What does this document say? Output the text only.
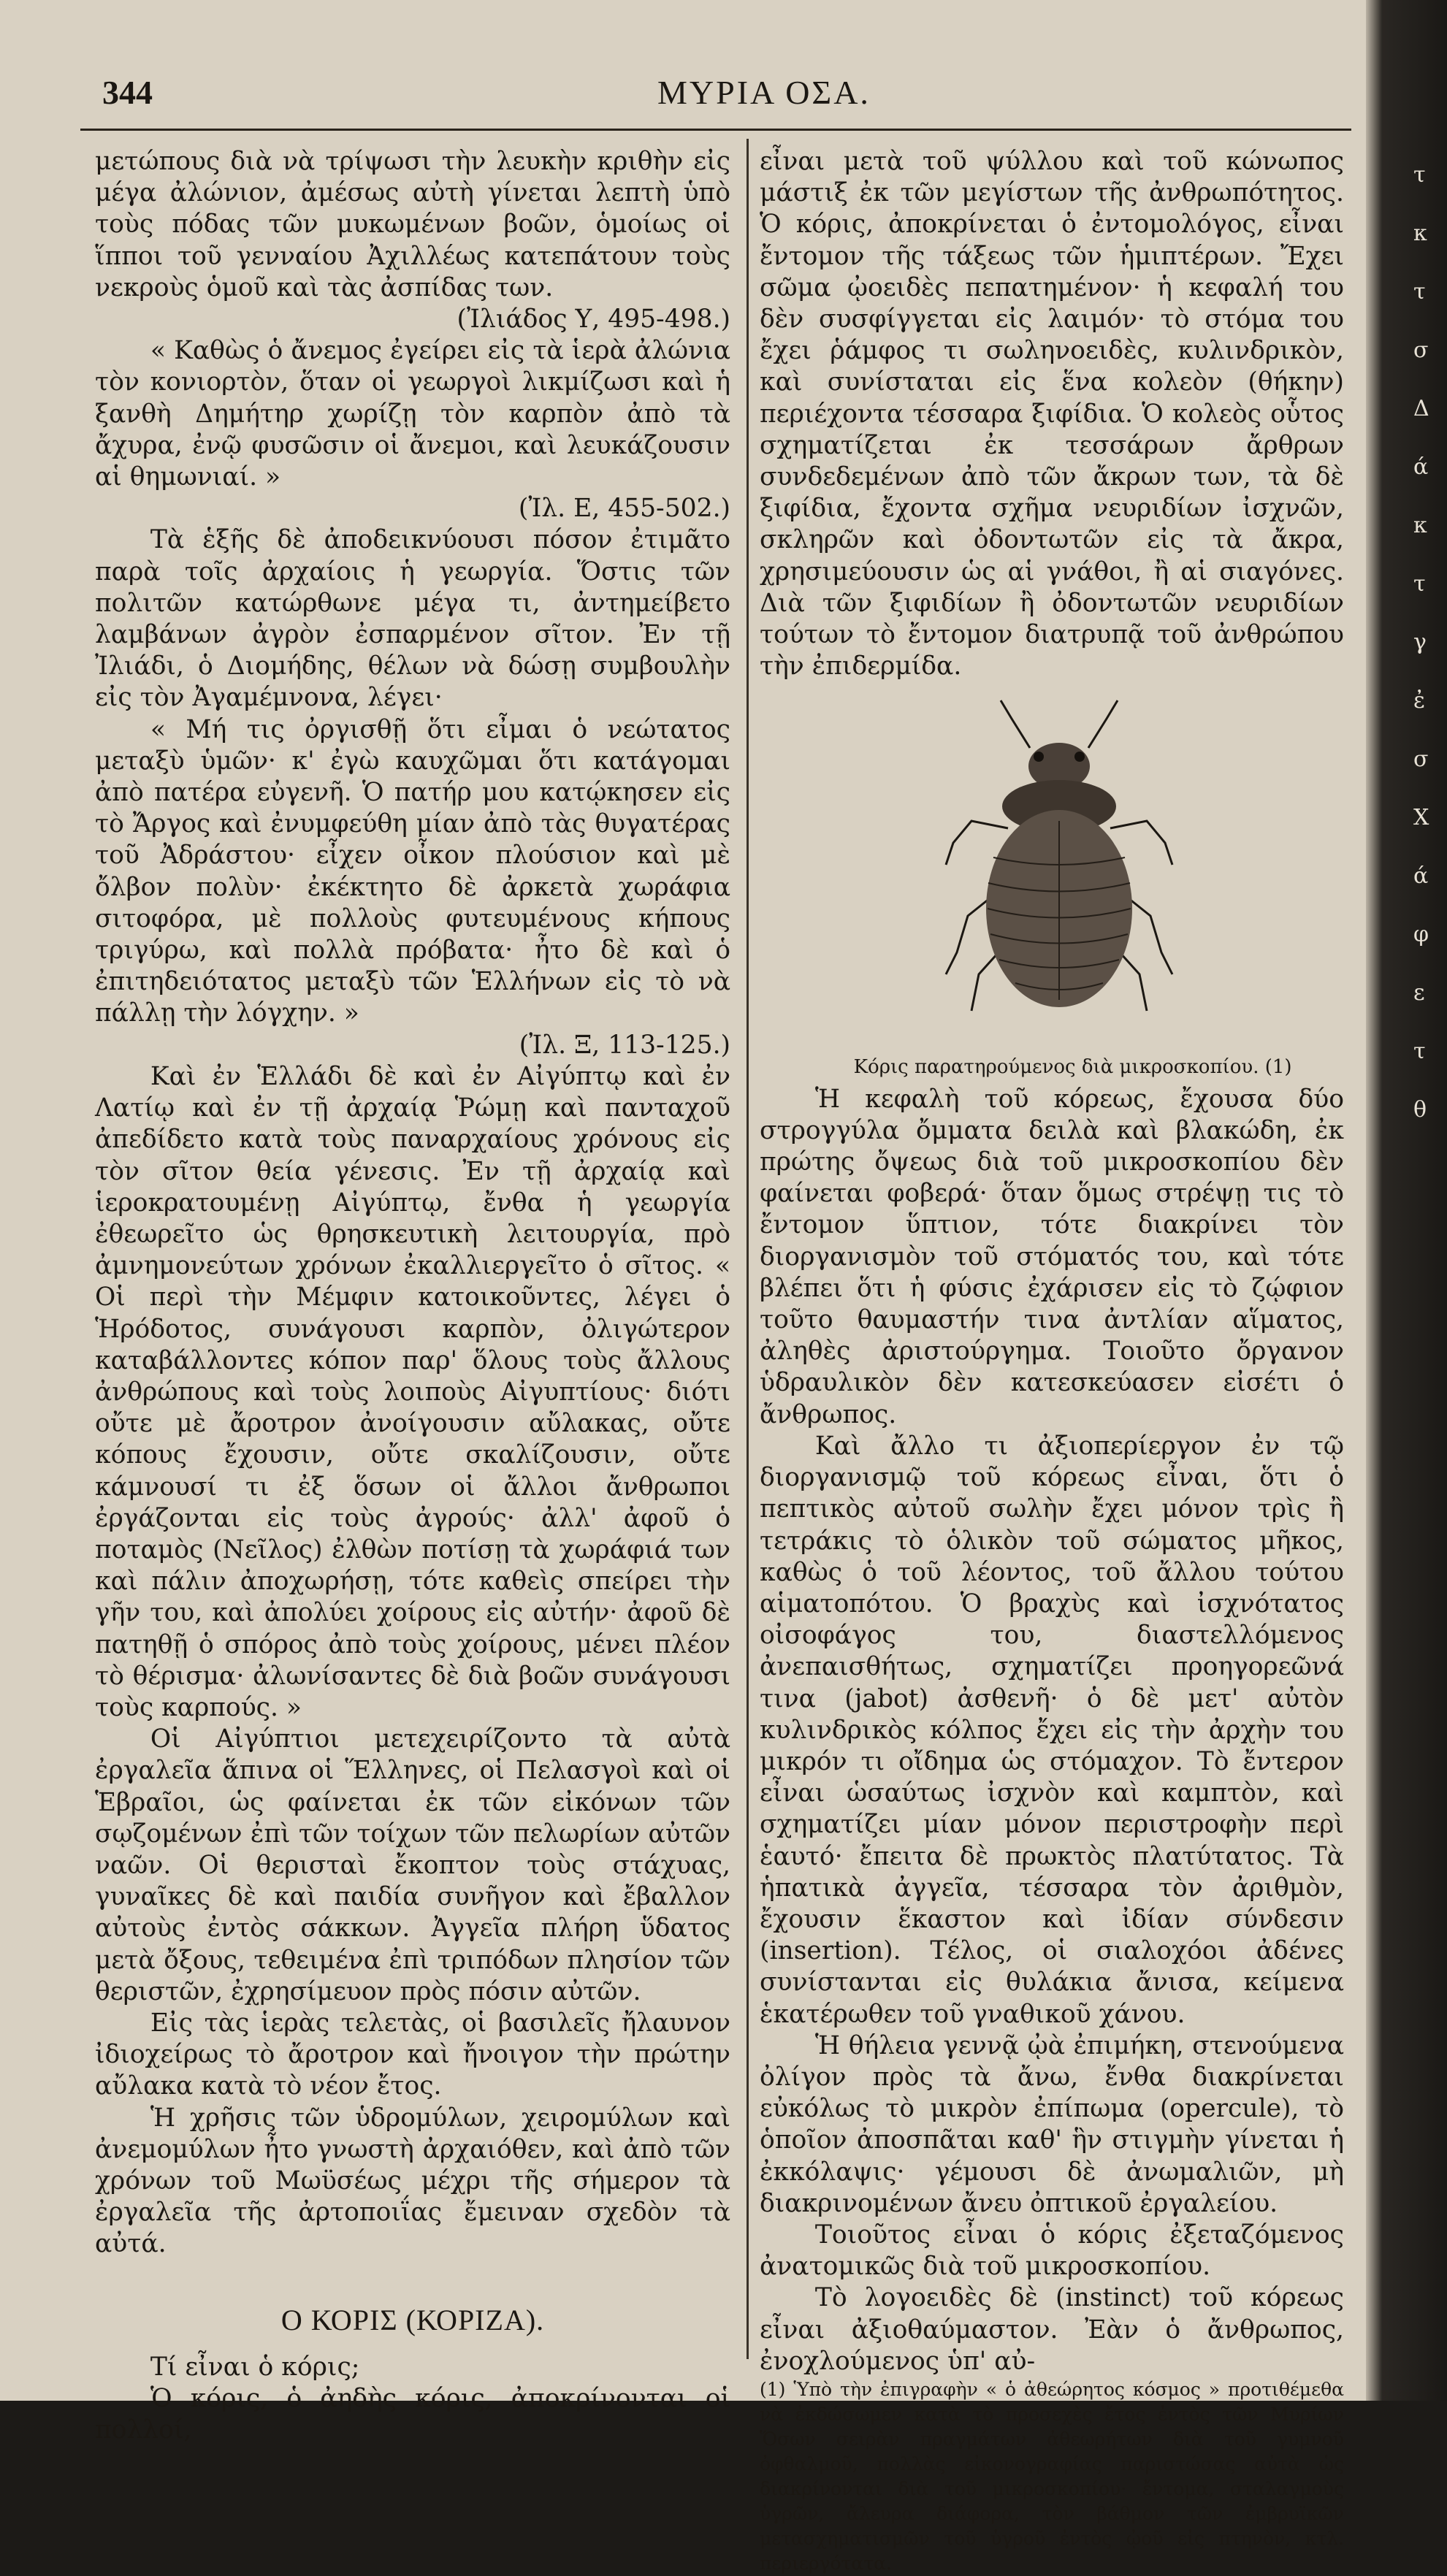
344	ΜΥΡΙΑ ΟΣΑ.

μετώπους διὰ νὰ τρίψωσι τὴν λευκὴν κριθὴν εἰς μέγα ἀλώνιον, ἀμέσως αὐτὴ γίνεται λεπτὴ ὑπὸ τοὺς πόδας τῶν μυκωμένων βοῶν, ὁμοίως οἱ ἵπποι τοῦ γενναίου Ἀχιλλέως κατεπάτουν τοὺς νεκροὺς ὁμοῦ καὶ τὰς ἀσπίδας των.

(Ἰλιάδος Υ, 495-498.)

« Καθὼς ὁ ἄνεμος ἐγείρει εἰς τὰ ἱερὰ ἀλώνια τὸν κονιορτὸν, ὅταν οἱ γεωργοὶ λικμίζωσι καὶ ἡ ξανθὴ Δημήτηρ χωρίζῃ τὸν καρπὸν ἀπὸ τὰ ἄχυρα, ἐνῷ φυσῶσιν οἱ ἄνεμοι, καὶ λευκάζουσιν αἱ θημωνιαί. »

(Ἰλ. Ε, 455-502.)

Τὰ ἑξῆς δὲ ἀποδεικνύουσι πόσον ἐτιμᾶτο παρὰ τοῖς ἀρχαίοις ἡ γεωργία. Ὅστις τῶν πολιτῶν κατώρθωνε μέγα τι, ἀντημείβετο λαμβάνων ἀγρὸν ἐσπαρμένον σῖτον. Ἐν τῇ Ἰλιάδι, ὁ Διομήδης, θέλων νὰ δώσῃ συμβουλὴν εἰς τὸν Ἀγαμέμνονα, λέγει·

« Μή τις ὀργισθῇ ὅτι εἶμαι ὁ νεώτατος μεταξὺ ὑμῶν· κ' ἐγὼ καυχῶμαι ὅτι κατάγομαι ἀπὸ πατέρα εὐγενῆ. Ὁ πατήρ μου κατῴκησεν εἰς τὸ Ἄργος καὶ ἐνυμφεύθη μίαν ἀπὸ τὰς θυγατέρας τοῦ Ἀδράστου· εἶχεν οἶκον πλούσιον καὶ μὲ ὄλβον πολὺν· ἐκέκτητο δὲ ἀρκετὰ χωράφια σιτοφόρα, μὲ πολλοὺς φυτευμένους κήπους τριγύρω, καὶ πολλὰ πρόβατα· ἦτο δὲ καὶ ὁ ἐπιτηδειότατος μεταξὺ τῶν Ἑλλήνων εἰς τὸ νὰ πάλλῃ τὴν λόγχην. »

(Ἰλ. Ξ, 113-125.)

Καὶ ἐν Ἑλλάδι δὲ καὶ ἐν Αἰγύπτῳ καὶ ἐν Λατίῳ καὶ ἐν τῇ ἀρχαίᾳ Ῥώμῃ καὶ πανταχοῦ ἀπεδίδετο κατὰ τοὺς παναρχαίους χρόνους εἰς τὸν σῖτον θεία γένεσις. Ἐν τῇ ἀρχαίᾳ καὶ ἱεροκρατουμένῃ Αἰγύπτῳ, ἔνθα ἡ γεωργία ἐθεωρεῖτο ὡς θρησκευτικὴ λειτουργία, πρὸ ἀμνημονεύτων χρόνων ἐκαλλιεργεῖτο ὁ σῖτος. « Οἱ περὶ τὴν Μέμφιν κατοικοῦντες, λέγει ὁ Ἡρόδοτος, συνάγουσι καρπὸν, ὀλιγώτερον καταβάλλοντες κόπον παρ' ὅλους τοὺς ἄλλους ἀνθρώπους καὶ τοὺς λοιποὺς Αἰγυπτίους· διότι οὔτε μὲ ἄροτρον ἀνοίγουσιν αὔλακας, οὔτε κόπους ἔχουσιν, οὔτε σκαλίζουσιν, οὔτε κάμνουσί τι ἐξ ὅσων οἱ ἄλλοι ἄνθρωποι ἐργάζονται εἰς τοὺς ἀγρούς· ἀλλ' ἀφοῦ ὁ ποταμὸς (Νεῖλος) ἐλθὼν ποτίσῃ τὰ χωράφιά των καὶ πάλιν ἀποχωρήσῃ, τότε καθεὶς σπείρει τὴν γῆν του, καὶ ἀπολύει χοίρους εἰς αὐτήν· ἀφοῦ δὲ πατηθῇ ὁ σπόρος ἀπὸ τοὺς χοίρους, μένει πλέον τὸ θέρισμα· ἀλωνίσαντες δὲ διὰ βοῶν συνάγουσι τοὺς καρπούς. »

Οἱ Αἰγύπτιοι μετεχειρίζοντο τὰ αὐτὰ ἐργαλεῖα ἅπινα οἱ Ἕλληνες, οἱ Πελασγοὶ καὶ οἱ Ἑβραῖοι, ὡς φαίνεται ἐκ τῶν εἰκόνων τῶν σῳζομένων ἐπὶ τῶν τοίχων τῶν πελωρίων αὐτῶν ναῶν. Οἱ θερισταὶ ἔκοπτον τοὺς στάχυας, γυναῖκες δὲ καὶ παιδία συνῆγον καὶ ἔβαλλον αὐτοὺς ἐντὸς σάκκων. Ἀγγεῖα πλήρη ὕδατος μετὰ ὄξους, τεθειμένα ἐπὶ τριπόδων πλησίον τῶν θεριστῶν, ἐχρησίμευον πρὸς πόσιν αὐτῶν.

Εἰς τὰς ἱερὰς τελετὰς, οἱ βασιλεῖς ἤλαυνον ἰδιοχείρως τὸ ἄροτρον καὶ ἤνοιγον τὴν πρώτην αὔλακα κατὰ τὸ νέον ἔτος.

Ἡ χρῆσις τῶν ὑδρομύλων, χειρομύλων καὶ ἀνεμομύλων ἦτο γνωστὴ ἀρχαιόθεν, καὶ ἀπὸ τῶν χρόνων τοῦ Μωϋσέως μέχρι τῆς σήμερον τὰ ἐργαλεῖα τῆς ἀρτοποιΐας ἔμειναν σχεδὸν τὰ αὐτά.

Ο ΚΟΡΙΣ (ΚΟΡΙΖΑ).

Τί εἶναι ὁ κόρις;

Ὁ κόρις, ὁ ἀηδὴς κόρις, ἀποκρίνονται οἱ πολλοί,

εἶναι μετὰ τοῦ ψύλλου καὶ τοῦ κώνωπος μάστιξ ἐκ τῶν μεγίστων τῆς ἀνθρωπότητος. Ὁ κόρις, ἀποκρίνεται ὁ ἐντομολόγος, εἶναι ἔντομον τῆς τάξεως τῶν ἡμιπτέρων. Ἔχει σῶμα ᾠοειδὲς πεπατημένον· ἡ κεφαλή του δὲν συσφίγγεται εἰς λαιμόν· τὸ στόμα του ἔχει ῥάμφος τι σωληνοειδὲς, κυλινδρικὸν, καὶ συνίσταται εἰς ἕνα κολεὸν (θήκην) περιέχοντα τέσσαρα ξιφίδια. Ὁ κολεὸς οὗτος σχηματίζεται ἐκ τεσσάρων ἄρθρων συνδεδεμένων ἀπὸ τῶν ἄκρων των, τὰ δὲ ξιφίδια, ἔχοντα σχῆμα νευριδίων ἰσχνῶν, σκληρῶν καὶ ὀδοντωτῶν εἰς τὰ ἄκρα, χρησιμεύουσιν ὡς αἱ γνάθοι, ἢ αἱ σιαγόνες. Διὰ τῶν ξιφιδίων ἢ ὀδοντωτῶν νευριδίων τούτων τὸ ἔντομον διατρυπᾷ τοῦ ἀνθρώπου τὴν ἐπιδερμίδα.

Κόρις παρατηρούμενος διὰ μικροσκοπίου. (1)

Ἡ κεφαλὴ τοῦ κόρεως, ἔχουσα δύο στρογγύλα ὄμματα δειλὰ καὶ βλακώδη, ἐκ πρώτης ὄψεως διὰ τοῦ μικροσκοπίου δὲν φαίνεται φοβερά· ὅταν ὅμως στρέψῃ τις τὸ ἔντομον ὕπτιον, τότε διακρίνει τὸν διοργανισμὸν τοῦ στόματός του, καὶ τότε βλέπει ὅτι ἡ φύσις ἐχάρισεν εἰς τὸ ζῴφιον τοῦτο θαυμαστήν τινα ἀντλίαν αἵματος, ἀληθὲς ἀριστούργημα. Τοιοῦτο ὄργανον ὑδραυλικὸν δὲν κατεσκεύασεν εἰσέτι ὁ ἄνθρωπος.

Καὶ ἄλλο τι ἀξιοπερίεργον ἐν τῷ διοργανισμῷ τοῦ κόρεως εἶναι, ὅτι ὁ πεπτικὸς αὐτοῦ σωλὴν ἔχει μόνον τρὶς ἢ τετράκις τὸ ὁλικὸν τοῦ σώματος μῆκος, καθὼς ὁ τοῦ λέοντος, τοῦ ἄλλου τούτου αἱματοπότου. Ὁ βραχὺς καὶ ἰσχνότατος οἰσοφάγος του, διαστελλόμενος ἀνεπαισθήτως, σχηματίζει προηγορεῶνά τινα (jabot) ἀσθενῆ· ὁ δὲ μετ' αὐτὸν κυλινδρικὸς κόλπος ἔχει εἰς τὴν ἀρχὴν του μικρόν τι οἴδημα ὡς στόμαχον. Τὸ ἔντερον εἶναι ὡσαύτως ἰσχνὸν καὶ καμπτὸν, καὶ σχηματίζει μίαν μόνον περιστροφὴν περὶ ἑαυτό· ἔπειτα δὲ πρωκτὸς πλατύτατος. Τὰ ἡπατικὰ ἀγγεῖα, τέσσαρα τὸν ἀριθμὸν, ἔχουσιν ἕκαστον καὶ ἰδίαν σύνδεσιν (insertion). Τέλος, οἱ σιαλοχόοι ἀδένες συνίστανται εἰς θυλάκια ἄνισα, κείμενα ἑκατέρωθεν τοῦ γναθικοῦ χάνου.

Ἡ θήλεια γεννᾷ ᾠὰ ἐπιμήκη, στενούμενα ὀλίγον πρὸς τὰ ἄνω, ἔνθα διακρίνεται εὐκόλως τὸ μικρὸν ἐπίπωμα (opercule), τὸ ὁποῖον ἀποσπᾶται καθ' ἣν στιγμὴν γίνεται ἡ ἐκκόλαψις· γέμουσι δὲ ἀνωμαλιῶν, μὴ διακρινομένων ἄνευ ὀπτικοῦ ἐργαλείου.

Τοιοῦτος εἶναι ὁ κόρις ἐξεταζόμενος ἀνατομικῶς διὰ τοῦ μικροσκοπίου.

Τὸ λογοειδὲς δὲ (instinct) τοῦ κόρεως εἶναι ἀξιοθαύμαστον. Ἐὰν ὁ ἄνθρωπος, ἐνοχλούμενος ὑπ' αὐ-

(1) Ὑπὸ τὴν ἐπιγραφὴν « ὁ ἀθεώρητος κόσμος » προτιθέμεθα νὰ ἐκδώσωμεν κατὰ τὸ προσεχὲς ἔτος ἐντὸς τῶν Μυρίων Ὅσων σειρὰν πραγμάτων ἀθεωρήτων διὰ τοῦ γυμνοῦ ὀφθαλμοῦ, πολλὰς εἰκονογραφίας παριστώσας αὐτὰ ὡς διακρίνονται διὰ τοῦ μικροσκοπίου· ἔντομα, σταλαγμοὺς ὑγρῶν, ἄλευρα διάφορα, τὸν βάθμον τῶν ἐμβρυϊκῶν μετασχηματισμῶν τοῦ ὑγροῦ ἐντὸς ᾠοῦ εἰς πτηνὸν, κτλ. περιεργότατα.

τ
κ
τ
σ
Δ
ά
κ
τ
γ
ἐ
σ
Χ
ά
φ
ε
τ
θ
